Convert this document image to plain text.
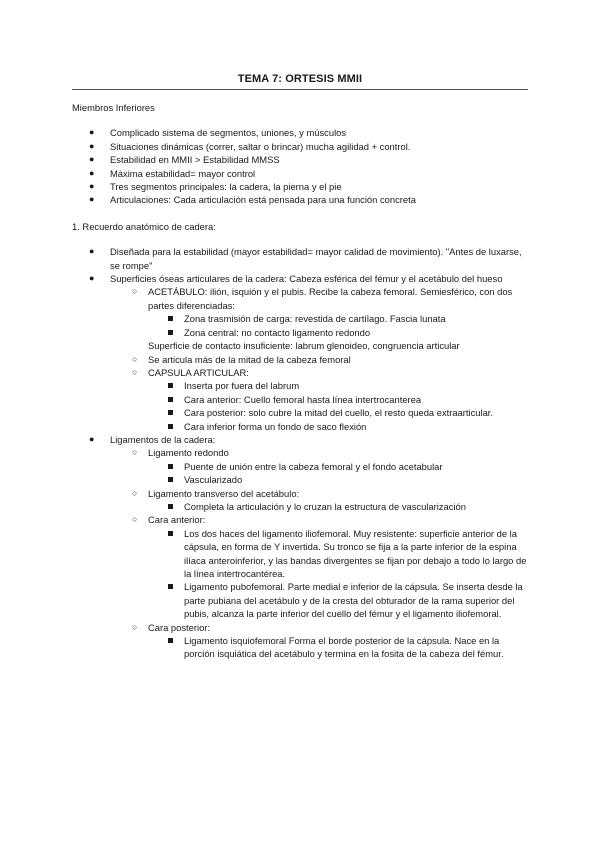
TEMA 7: ORTESIS MMII

Miembros Inferiores

● Complicado sistema de segmentos, uniones, y músculos
● Situaciones dinámicas (correr, saltar o brincar) mucha agilidad + control.
● Estabilidad en MMII > Estabilidad MMSS
● Máxima estabilidad= mayor control
● Tres segmentos principales: la cadera, la pierna y el pie
● Articulaciones: Cada articulación está pensada para una función concreta

1. Recuerdo anatómico de cadera:

● Diseñada para la estabilidad (mayor estabilidad= mayor calidad de movimiento). "Antes de luxarse, se rompe"
● Superficies óseas articulares de la cadera: Cabeza esférica del fémur y el acetábulo del hueso
○ ACETÁBULO: ilión, isquión y el pubis. Recibe la cabeza femoral. Semiesférico, con dos partes diferenciadas:
Zona trasmisión de carga: revestida de cartílago. Fascia lunata
Zona central: no contacto ligamento redondo
Superficie de contacto insuficiente: labrum glenoideo, congruencia articular
○ Se articula más de la mitad de la cabeza femoral
○ CAPSULA ARTICULAR:
Inserta por fuera del labrum
Cara anterior: Cuello femoral hasta línea intertrocanterea
Cara posterior: solo cubre la mitad del cuello, el resto queda extraarticular.
Cara inferior forma un fondo de saco flexión
● Ligamentos de la cadera:
○ Ligamento redondo
Puente de unión entre la cabeza femoral y el fondo acetabular
Vascularizado
○ Ligamento transverso del acetábulo:
Completa la articulación y lo cruzan la estructura de vascularización
○ Cara anterior:
Los dos haces del ligamento iliofemoral. Muy resistente: superficie anterior de la cápsula, en forma de Y invertida. Su tronco se fija a la parte inferior de la espina ilíaca anteroinferior, y las bandas divergentes se fijan por debajo a todo lo largo de la línea intertrocantérea.
Ligamento pubofemoral. Parte medial e inferior de la cápsula. Se inserta desde la parte pubiana del acetábulo y de la cresta del obturador de la rama superior del pubis, alcanza la parte inferior del cuello del fémur y el ligamento iliofemoral.
○ Cara posterior:
Ligamento isquiofemoral Forma el borde posterior de la cápsula. Nace en la porción isquiática del acetábulo y termina en la fosita de la cabeza del fémur.
